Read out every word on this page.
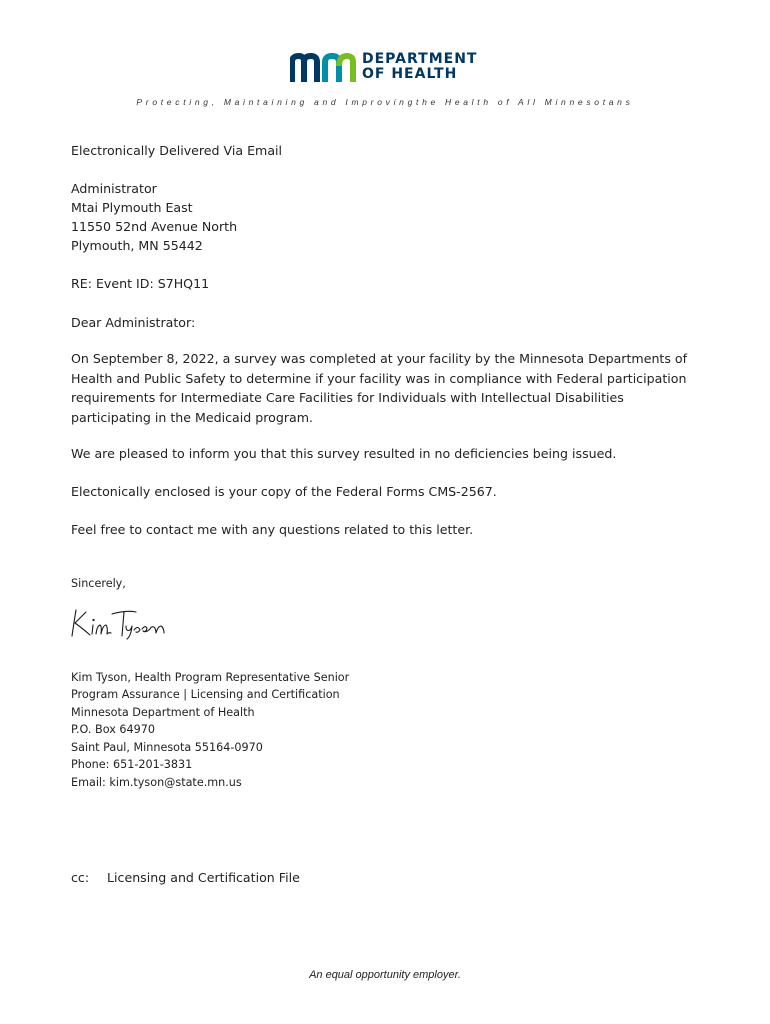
DEPARTMENT
OF HEALTH
Protecting, Maintaining and Improvingthe Health of All Minnesotans

Electronically Delivered Via Email

Administrator

Mtai Plymouth East

11550 52nd Avenue North

Plymouth, MN 55442

RE: Event ID: S7HQ11

Dear Administrator:

On September 8, 2022, a survey was completed at your facility by the Minnesota Departments of Health and Public Safety to determine if your facility was in compliance with Federal participation requirements for Intermediate Care Facilities for Individuals with Intellectual Disabilities participating in the Medicaid program.

We are pleased to inform you that this survey resulted in no deficiencies being issued.

Electonically enclosed is your copy of the Federal Forms CMS-2567.

Feel free to contact me with any questions related to this letter.

Sincerely,

Kim Tyson, Health Program Representative Senior

Program Assurance | Licensing and Certification

Minnesota Department of Health

P.O. Box 64970

Saint Paul, Minnesota 55164-0970

Phone: 651-201-3831

Email: kim.tyson@state.mn.us

cc: Licensing and Certification File
An equal opportunity employer.
